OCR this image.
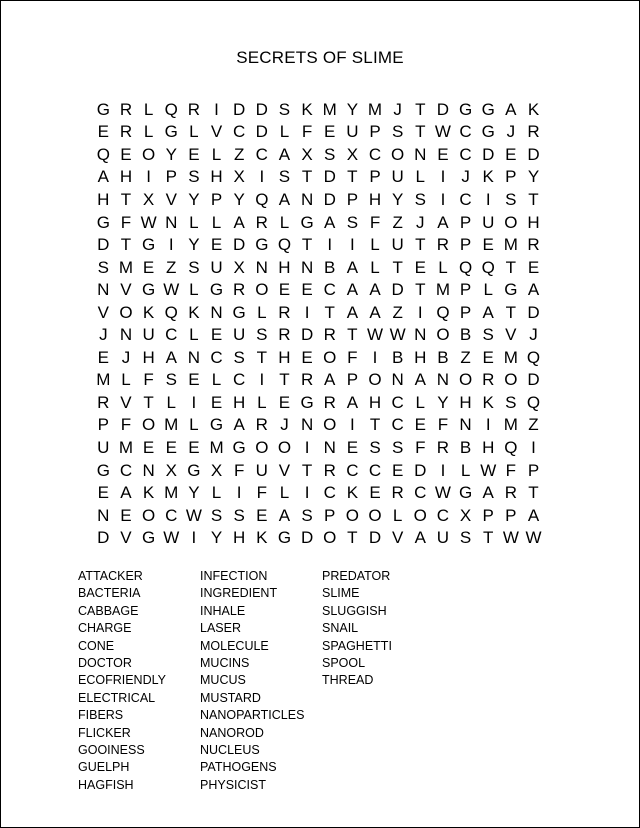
SECRETS OF SLIME
G R L Q R I D D S K M Y M J T D G G A K
E R L G L V C D L F E U P S T W C G J R
Q E O Y E L Z C A X S X C O N E C D E D
A H I P S H X I S T D T P U L I J K P Y
H T X V Y P Y Q A N D P H Y S I C I S T
G F W N L L A R L G A S F Z J A P U O H
D T G I Y E D G Q T I	I L U T R P E M R
S M E Z S U X N H N B A L T E L Q Q T E
N V G W L G R O E E C A A D T M P L G A
V O K Q K N G L R I T A A Z I Q P A T D
J N U C L E U S R D R T W W N O B S V J
E J H A N C S T H E O F I B H B Z E M Q
M L F S E L C I T R A P O N A N O R O D
R V T L I E H L E G R A H C L Y H K S Q
P F O M L G A R J N O I T C E F N I M Z
U M E E E M G O O I N E S S F R B H Q I
G C N X G X F U V T R C C E D I L W F P
E A K M Y L I F L I C K E R C W G A R T
N E O C W S S E A S P O O L O C X P P A
D V G W I Y H K G D O T D V A U S T W W
ATTACKER
BACTERIA
CABBAGE
CHARGE
CONE
DOCTOR
ECOFRIENDLY
ELECTRICAL
FIBERS
FLICKER
GOOINESS
GUELPH
HAGFISH
INFECTION
INGREDIENT
INHALE
LASER
MOLECULE
MUCINS
MUCUS
MUSTARD
NANOPARTICLES
NANOROD
NUCLEUS
PATHOGENS
PHYSICIST
PREDATOR
SLIME
SLUGGISH
SNAIL
SPAGHETTI
SPOOL
THREAD
